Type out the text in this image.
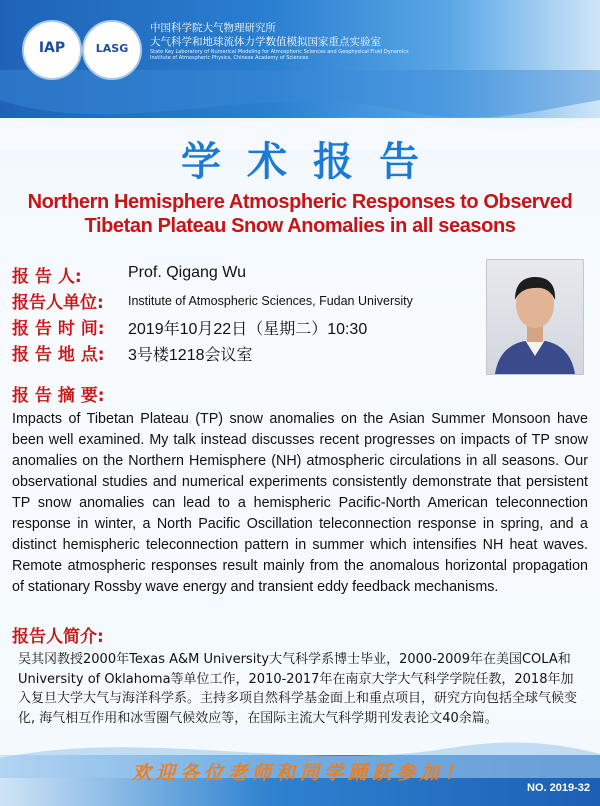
IAP	LASG
中国科学院大气物理研究所
大气科学和地球流体力学数值模拟国家重点实验室
State Key Laboratory of Numerical Modeling for Atmospheric Sciences and Geophysical Fluid Dynamics
Institute of Atmospheric Physics, Chinese Academy of Sciences
学术报告
Northern Hemisphere Atmospheric Responses to Observed
Tibetan Plateau Snow Anomalies in all seasons
报 告 人:	Prof. Qigang Wu
报告人单位: Institute of Atmospheric Sciences, Fudan University
报 告 时 间: 2019年10月22日（星期二）10:30
报 告 地 点: 3号楼1218会议室
报 告 摘 要:
Impacts of Tibetan Plateau (TP) snow anomalies on the Asian Summer Monsoon have been well examined. My talk instead discusses recent progresses on impacts of TP snow anomalies on the Northern Hemisphere (NH) atmospheric circulations in all seasons. Our observational studies and numerical experiments consistently demonstrate that persistent TP snow anomalies can lead to a hemispheric Pacific-North American teleconnection response in winter, a North Pacific Oscillation teleconnection response in spring, and a distinct hemispheric teleconnection pattern in summer which intensifies NH heat waves. Remote atmospheric responses result mainly from the anomalous horizontal propagation of stationary Rossby wave energy and transient eddy feedback mechanisms.
报告人简介:
吴其冈教授2000年Texas A&M University大气科学系博士毕业，2000-2009年在美国COLA和University of Oklahoma等单位工作，2010-2017年在南京大学大气科学学院任教，2018年加入复旦大学大气与海洋科学系。主持多项自然科学基金面上和重点项目，研究方向包括全球气候变化, 海气相互作用和冰雪圈气候效应等，在国际主流大气科学期刊发表论文40余篇。
欢迎各位老师和同学踊跃参加！
NO. 2019-32
